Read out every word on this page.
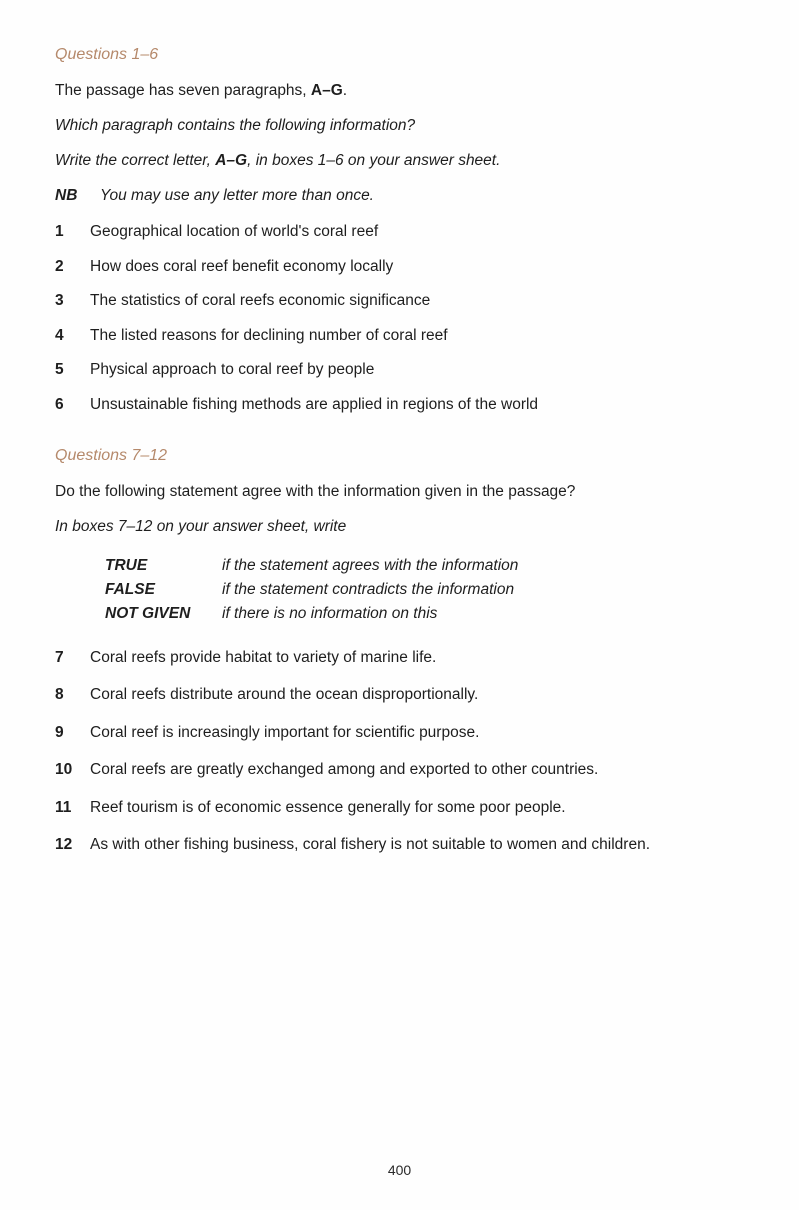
Questions 1–6

The passage has seven paragraphs, A–G.

Which paragraph contains the following information?

Write the correct letter, A–G, in boxes 1–6 on your answer sheet.

NB You may use any letter more than once.

1	Geographical location of world's coral reef
2	How does coral reef benefit economy locally
3	The statistics of coral reefs economic significance
4	The listed reasons for declining number of coral reef
5	Physical approach to coral reef by people
6	Unsustainable fishing methods are applied in regions of the world
Questions 7–12

Do the following statement agree with the information given in the passage?

In boxes 7–12 on your answer sheet, write

TRUE	if the statement agrees with the information
FALSE	if the statement contradicts the information
NOT GIVEN	if there is no information on this
7	Coral reefs provide habitat to variety of marine life.
8	Coral reefs distribute around the ocean disproportionally.
9	Coral reef is increasingly important for scientific purpose.
10	Coral reefs are greatly exchanged among and exported to other countries.
11	Reef tourism is of economic essence generally for some poor people.
12	As with other fishing business, coral fishery is not suitable to women and children.
400
